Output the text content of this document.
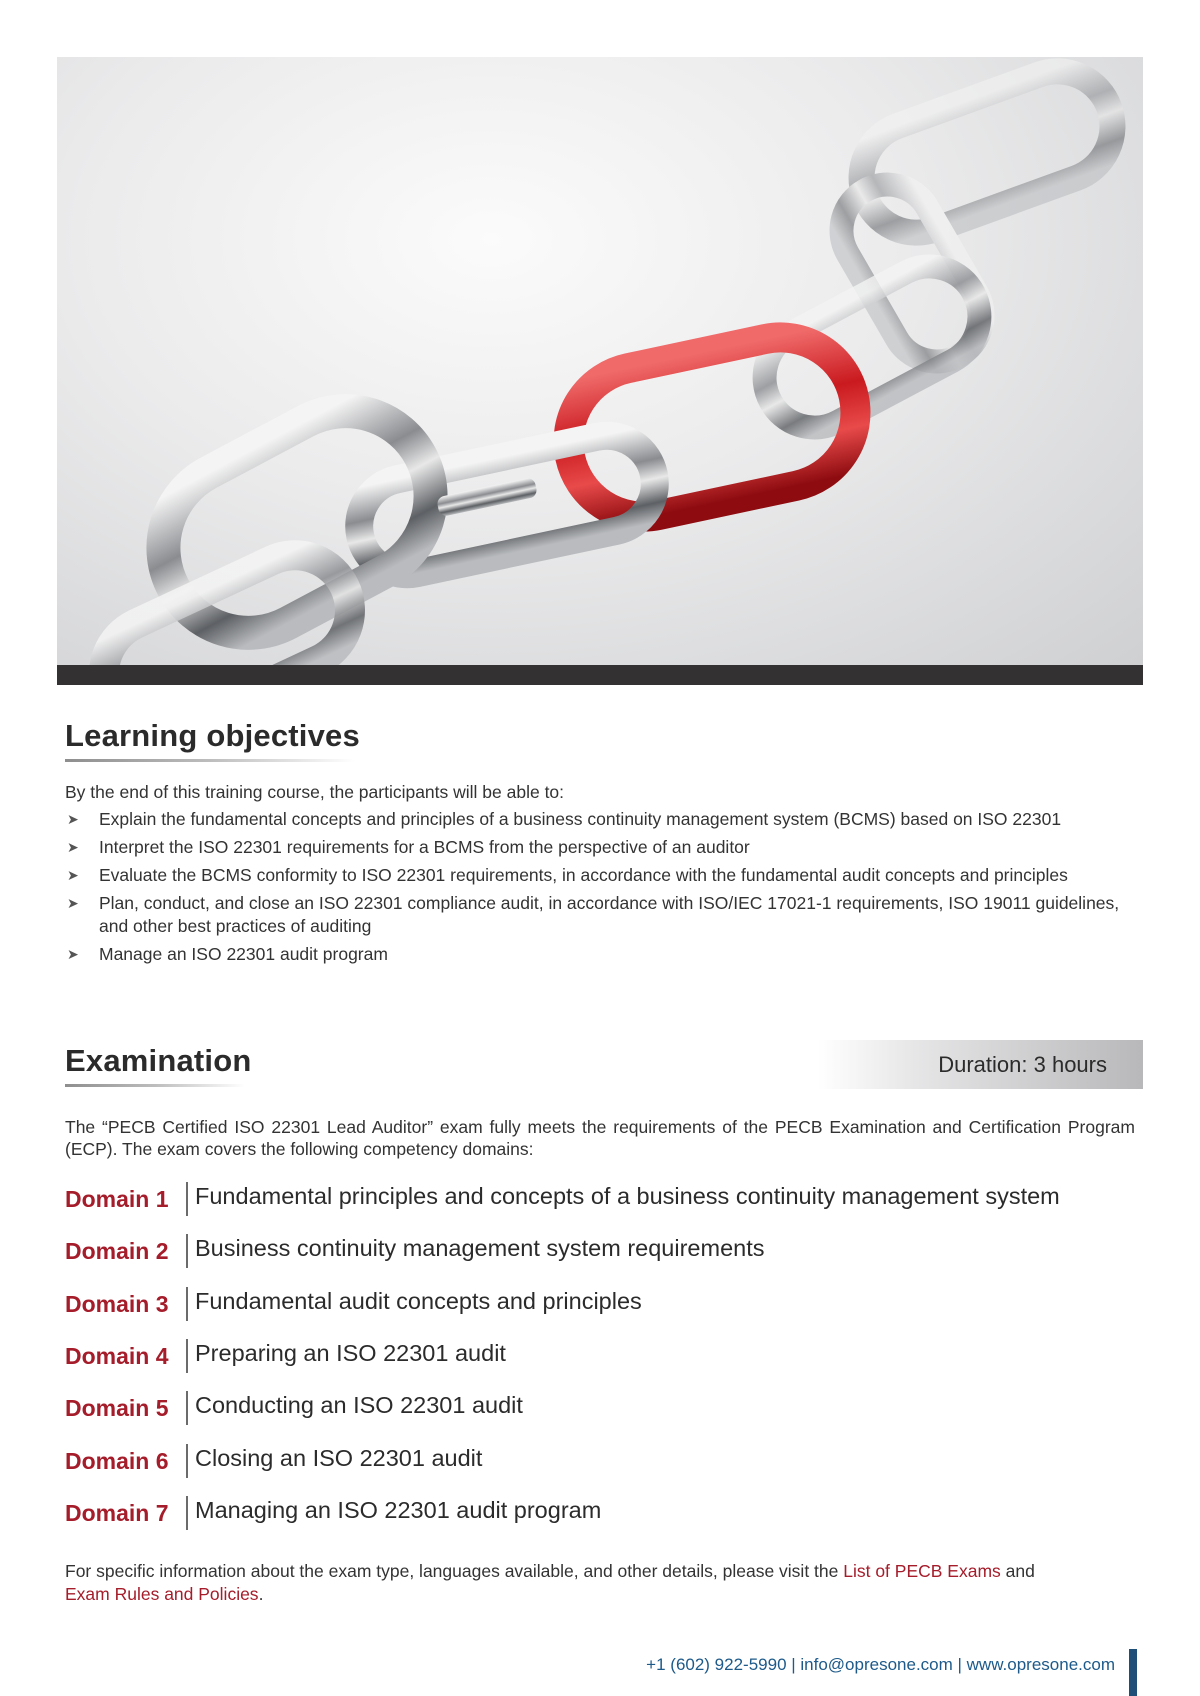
Learning objectives
By the end of this training course, the participants will be able to:
➤ Explain the fundamental concepts and principles of a business continuity management system (BCMS) based on ISO 22301
➤ Interpret the ISO 22301 requirements for a BCMS from the perspective of an auditor
➤ Evaluate the BCMS conformity to ISO 22301 requirements, in accordance with the fundamental audit concepts and principles
➤ Plan, conduct, and close an ISO 22301 compliance audit, in accordance with ISO/IEC 17021-1 requirements, ISO 19011 guidelines, and other best practices of auditing
➤ Manage an ISO 22301 audit program
Examination	Duration: 3 hours
The “PECB Certified ISO 22301 Lead Auditor” exam fully meets the requirements of the PECB Examination and Certification Program (ECP). The exam covers the following competency domains:
Domain 1 Fundamental principles and concepts of a business continuity management system
Domain 2 Business continuity management system requirements
Domain 3 Fundamental audit concepts and principles
Domain 4 Preparing an ISO 22301 audit
Domain 5 Conducting an ISO 22301 audit
Domain 6 Closing an ISO 22301 audit
Domain 7 Managing an ISO 22301 audit program
For specific information about the exam type, languages available, and other details, please visit the List of PECB Exams and
Exam Rules and Policies.
+1 (602) 922-5990 | info@opresone.com | www.opresone.com
